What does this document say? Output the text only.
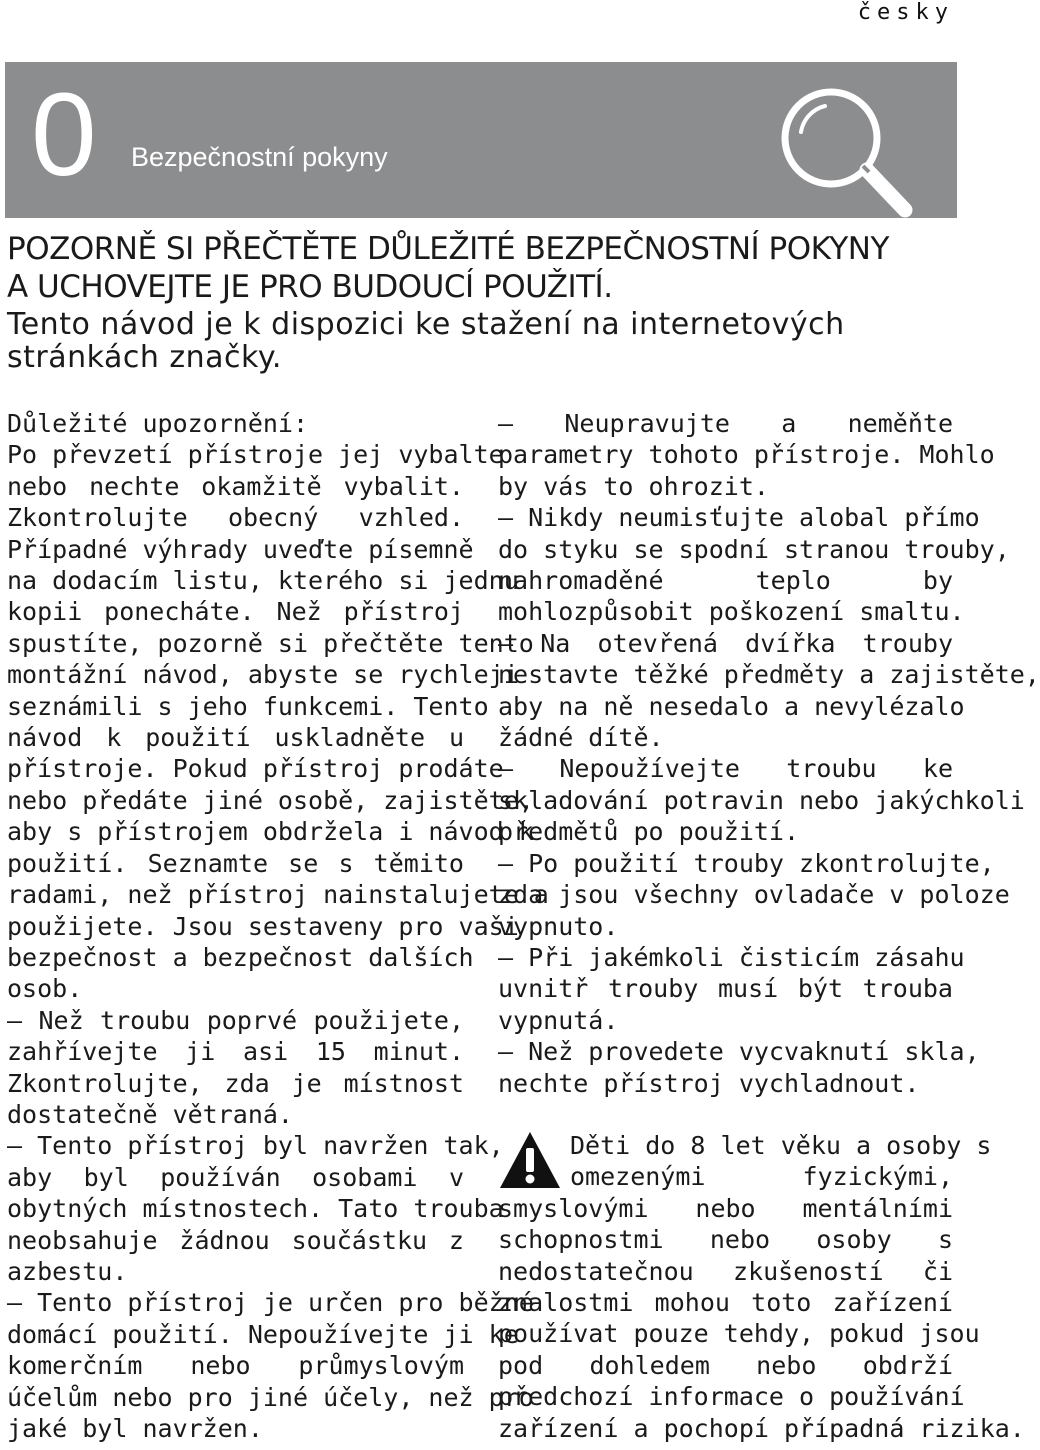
česky
0 Bezpečnostní pokyny
POZORNĚ SI PŘEČTĚTE DŮLEŽITÉ BEZPEČNOSTNÍ POKYNY
A UCHOVEJTE JE PRO BUDOUCÍ POUŽITÍ.
Tento návod je k dispozici ke stažení na internetových
stránkách značky.
Důležité upozornění:
Po převzetí přístroje jej vybalte
nebo nechte okamžitě vybalit.
Zkontrolujte obecný vzhled.
Případné výhrady uveďte písemně
na dodacím listu, kterého si jednu
kopii ponecháte. Než přístroj
spustíte, pozorně si přečtěte tento
montážní návod, abyste se rychleji
seznámili s jeho funkcemi. Tento
návod k použití uskladněte u
přístroje. Pokud přístroj prodáte
nebo předáte jiné osobě, zajistěte,
aby s přístrojem obdržela i návod k
použití. Seznamte se s těmito
radami, než přístroj nainstalujete a
použijete. Jsou sestaveny pro vaši
bezpečnost a bezpečnost dalších
osob.
— Než troubu poprvé použijete,
zahřívejte ji asi 15 minut.
Zkontrolujte, zda je místnost
dostatečně větraná.
— Tento přístroj byl navržen tak,
aby byl používán osobami v
obytných místnostech. Tato trouba
neobsahuje žádnou součástku z
azbestu.
— Tento přístroj je určen pro běžné
domácí použití. Nepoužívejte ji ke
komerčním nebo průmyslovým
účelům nebo pro jiné účely, než pro
jaké byl navržen.
— Neupravujte a neměňte
parametry tohoto přístroje. Mohlo
by vás to ohrozit.
— Nikdy neumisťujte alobal přímo
do styku se spodní stranou trouby,
nahromaděné teplo by
mohlozpůsobit poškození smaltu.
— Na otevřená dvířka trouby
nestavte těžké předměty a zajistěte,
aby na ně nesedalo a nevylézalo
žádné dítě.
— Nepoužívejte troubu ke
skladování potravin nebo jakýchkoli
předmětů po použití.
— Po použití trouby zkontrolujte,
zda jsou všechny ovladače v poloze
vypnuto.
— Při jakémkoli čisticím zásahu
uvnitř trouby musí být trouba
vypnutá.
— Než provedete vycvaknutí skla,
nechte přístroj vychladnout.
Děti do 8 let věku a osoby s
omezenými fyzickými,
smyslovými nebo mentálními
schopnostmi nebo osoby s
nedostatečnou zkušeností či
znalostmi mohou toto zařízení
používat pouze tehdy, pokud jsou
pod dohledem nebo obdrží
předchozí informace o používání
zařízení a pochopí případná rizika.
